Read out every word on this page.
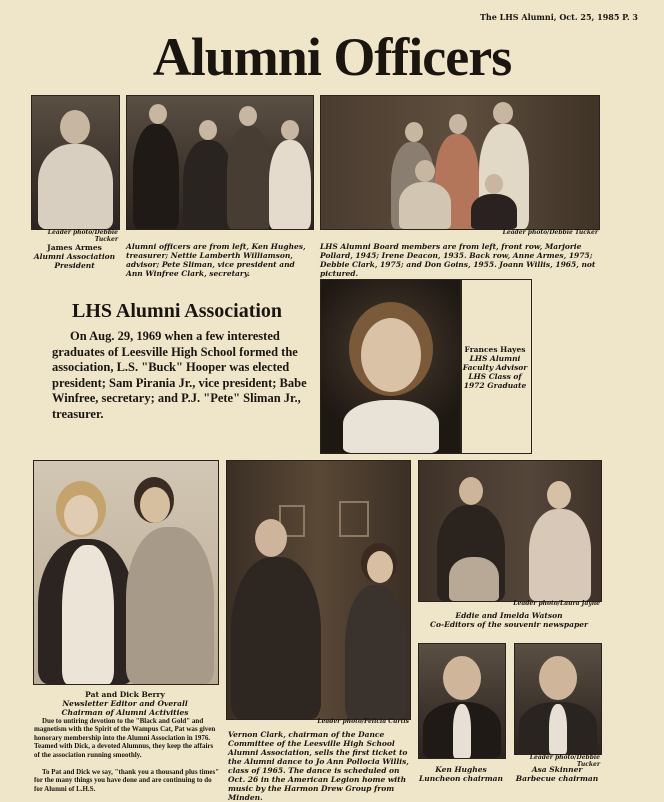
The LHS Alumni, Oct. 25, 1985 P. 3
Alumni Officers
Leader photo/Debbie Tucker
James Armes
Alumni Association
President
Alumni officers are from left, Ken Hughes, treasurer; Nettie Lamberth Williamson, advisor; Pete Sliman, vice president and Ann Winfree Clark, secretary.
Leader photo/Debbie Tucker
LHS Alumni Board members are from left, front row, Marjorie Pollard, 1945; Irene Deacon, 1935. Back row, Anne Armes, 1975; Debbie Clark, 1975; and Don Goins, 1955. Joann Willis, 1965, not pictured.
LHS Alumni Association
On Aug. 29, 1969 when a few interested graduates of Leesville High School formed the association, L.S. "Buck" Hooper was elected president; Sam Pirania Jr., vice president; Babe Winfree, secretary; and P.J. "Pete" Sliman Jr., treasurer.
Frances Hayes
LHS Alumni
Faculty Advisor
LHS Class of
1972 Graduate
Pat and Dick Berry
Newsletter Editor and Overall
Chairman of Alumni Activities
Due to untiring devotion to the "Black and Gold" and magnetism with the Spirit of the Wampus Cat, Pat was given honorary membership into the Alumni Association in 1976. Teamed with Dick, a devoted Alumnus, they keep the affairs of the association running smoothly.
To Pat and Dick we say, "thank you a thousand plus times" for the many things you have done and are continuing to do for Alumni of L.H.S.
Leader photo/Felicia Curtis
Vernon Clark, chairman of the Dance Committee of the Leesville High School Alumni Association, sells the first ticket to the Alumni dance to Jo Ann Pollocia Willis, class of 1965. The dance is scheduled on Oct. 26 in the American Legion home with music by the Harmon Drew Group from Minden.
Leader photo/Laura Jayne
Eddie and Imelda Watson
Co-Editors of the souvenir newspaper
Ken Hughes
Luncheon chairman
Leader photo/Debbie Tucker
Asa Skinner
Barbecue chairman
